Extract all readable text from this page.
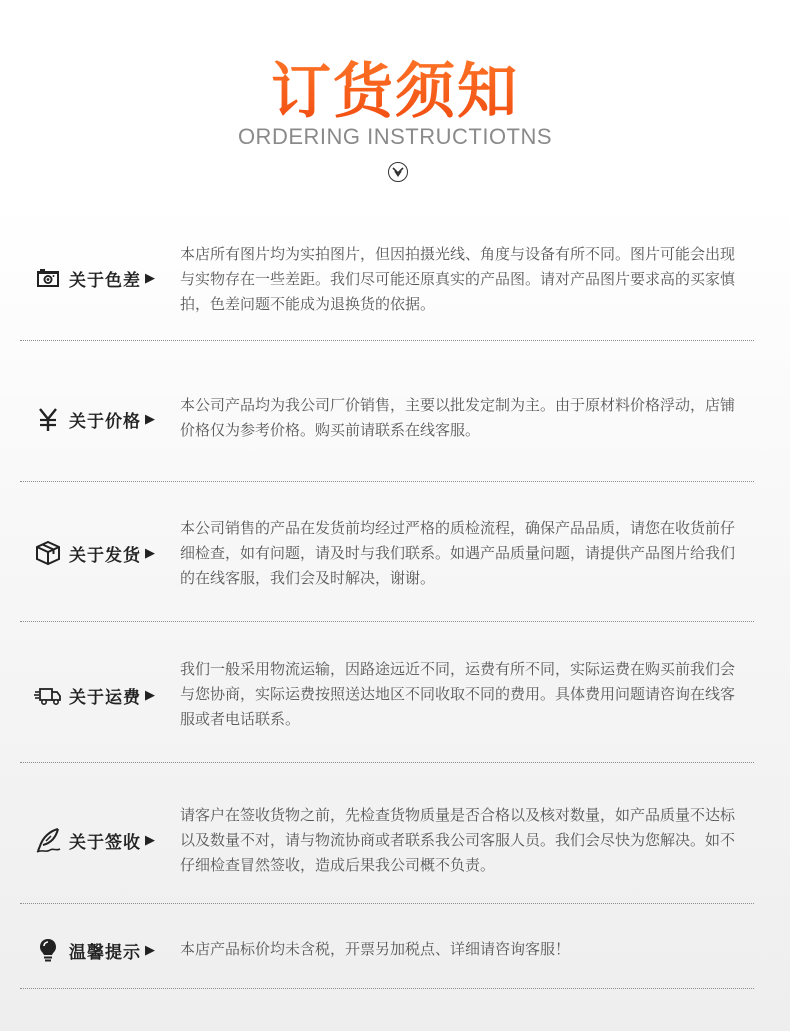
订货须知
ORDERING INSTRUCTIOTNS
关于色差 ▶
本店所有图片均为实拍图片，但因拍摄光线、角度与设备有所不同。图片可能会出现与实物存在一些差距。我们尽可能还原真实的产品图。请对产品图片要求高的买家慎拍，色差问题不能成为退换货的依据。
关于价格 ▶
本公司产品均为我公司厂价销售，主要以批发定制为主。由于原材料价格浮动，店铺价格仅为参考价格。购买前请联系在线客服。
关于发货 ▶
本公司销售的产品在发货前均经过严格的质检流程，确保产品品质，请您在收货前仔细检查，如有问题，请及时与我们联系。如遇产品质量问题，请提供产品图片给我们的在线客服，我们会及时解决，谢谢。
关于运费 ▶
我们一般采用物流运输，因路途远近不同，运费有所不同，实际运费在购买前我们会与您协商，实际运费按照送达地区不同收取不同的费用。具体费用问题请咨询在线客服或者电话联系。
关于签收 ▶
请客户在签收货物之前，先检查货物质量是否合格以及核对数量，如产品质量不达标以及数量不对，请与物流协商或者联系我公司客服人员。我们会尽快为您解决。如不仔细检查冒然签收，造成后果我公司概不负责。
温馨提示 ▶ 本店产品标价均未含税，开票另加税点、详细请咨询客服！
